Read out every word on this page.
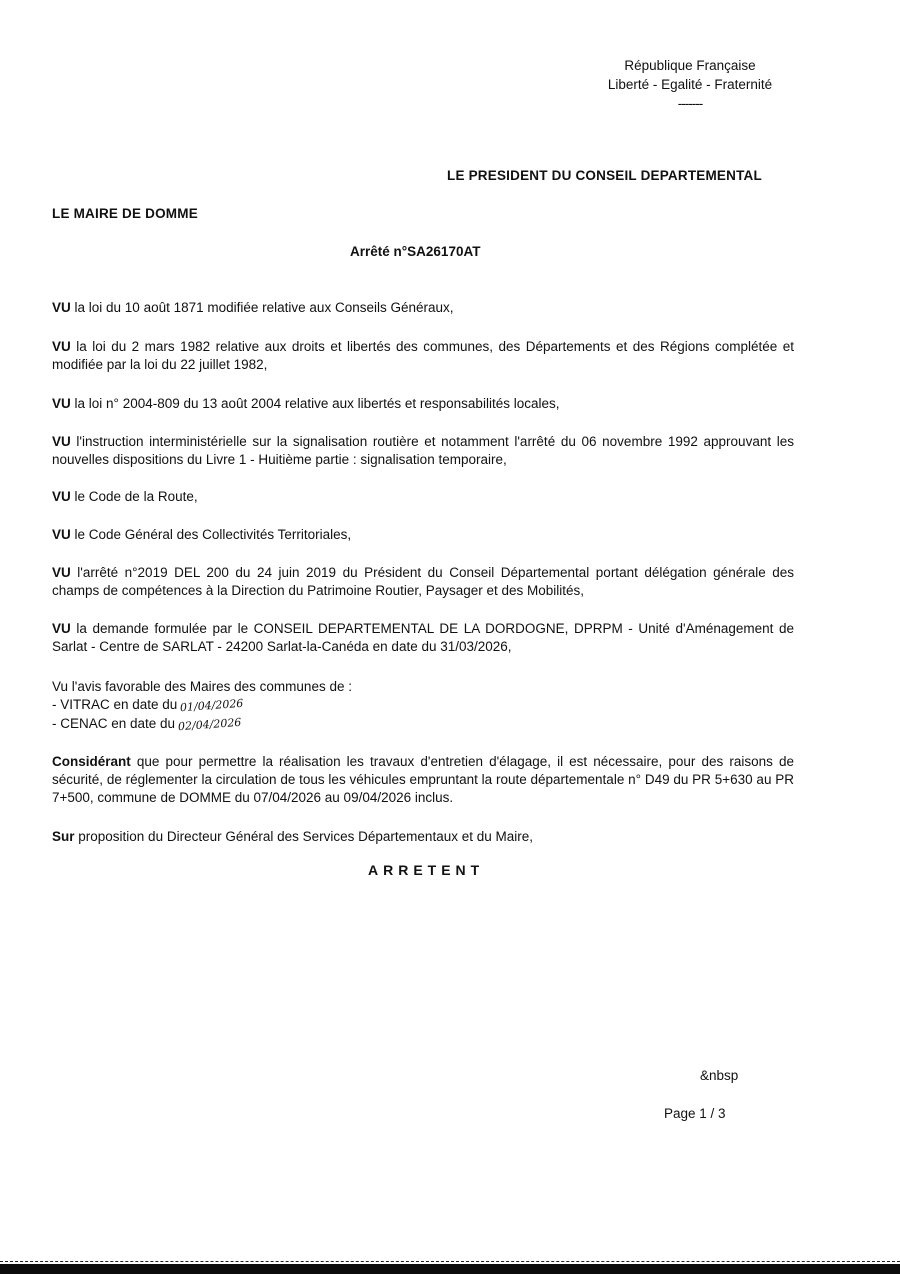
République Française
Liberté - Egalité - Fraternité
-------
LE PRESIDENT DU CONSEIL DEPARTEMENTAL
LE MAIRE DE DOMME
Arrêté n°SA26170AT
VU la loi du 10 août 1871 modifiée relative aux Conseils Généraux,
VU la loi du 2 mars 1982 relative aux droits et libertés des communes, des Départements et des Régions complétée et modifiée par la loi du 22 juillet 1982,
VU la loi n° 2004-809 du 13 août 2004 relative aux libertés et responsabilités locales,
VU l'instruction interministérielle sur la signalisation routière et notamment l'arrêté du 06 novembre 1992 approuvant les nouvelles dispositions du Livre 1 - Huitième partie : signalisation temporaire,
VU le Code de la Route,
VU le Code Général des Collectivités Territoriales,
VU l'arrêté n°2019 DEL 200 du 24 juin 2019 du Président du Conseil Départemental portant délégation générale des champs de compétences à la Direction du Patrimoine Routier, Paysager et des Mobilités,
VU la demande formulée par le CONSEIL DEPARTEMENTAL DE LA DORDOGNE, DPRPM - Unité d'Aménagement de Sarlat - Centre de SARLAT - 24200 Sarlat-la-Canéda en date du 31/03/2026,
Vu l'avis favorable des Maires des communes de :
- VITRAC en date du 01/04/2026
- CENAC en date du 02/04/2026
Considérant que pour permettre la réalisation les travaux d'entretien d'élagage, il est nécessaire, pour des raisons de sécurité, de réglementer la circulation de tous les véhicules empruntant la route départementale n° D49 du PR 5+630 au PR 7+500, commune de DOMME du 07/04/2026 au 09/04/2026 inclus.
Sur proposition du Directeur Général des Services Départementaux et du Maire,
ARRETENT
&nbsp
Page 1 / 3
